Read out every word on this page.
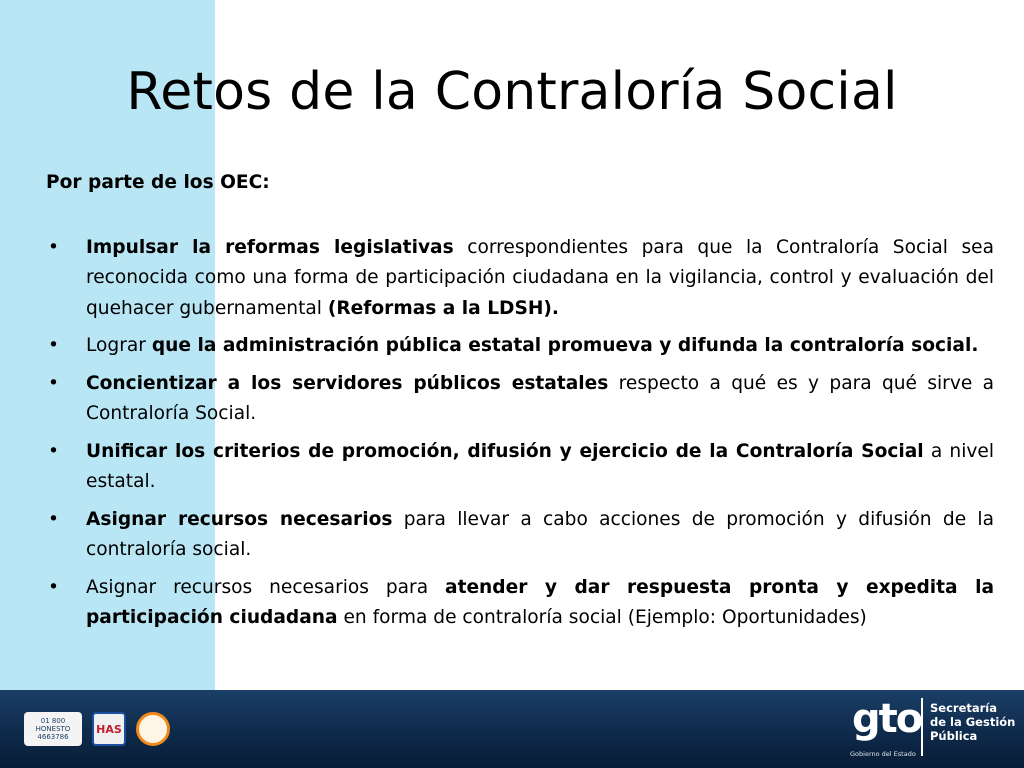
Retos de la Contraloría Social

Por parte de los OEC:

• Impulsar la reformas legislativas correspondientes para que la Contraloría Social sea reconocida como una forma de participación ciudadana en la vigilancia, control y evaluación del quehacer gubernamental (Reformas a la LDSH).
• Lograr que la administración pública estatal promueva y difunda la contraloría social.
• Concientizar a los servidores públicos estatales respecto a qué es y para qué sirve a Contraloría Social.
• Unificar los criterios de promoción, difusión y ejercicio de la Contraloría Social a nivel estatal.
• Asignar recursos necesarios para llevar a cabo acciones de promoción y difusión de la contraloría social.
• Asignar recursos necesarios para atender y dar respuesta pronta y expedita la participación ciudadana en forma de contraloría social (Ejemplo: Oportunidades)
01 800 HONESTO 4663786
HAS	gto
Gobierno del Estado
Secretaría
de la Gestión
Pública
